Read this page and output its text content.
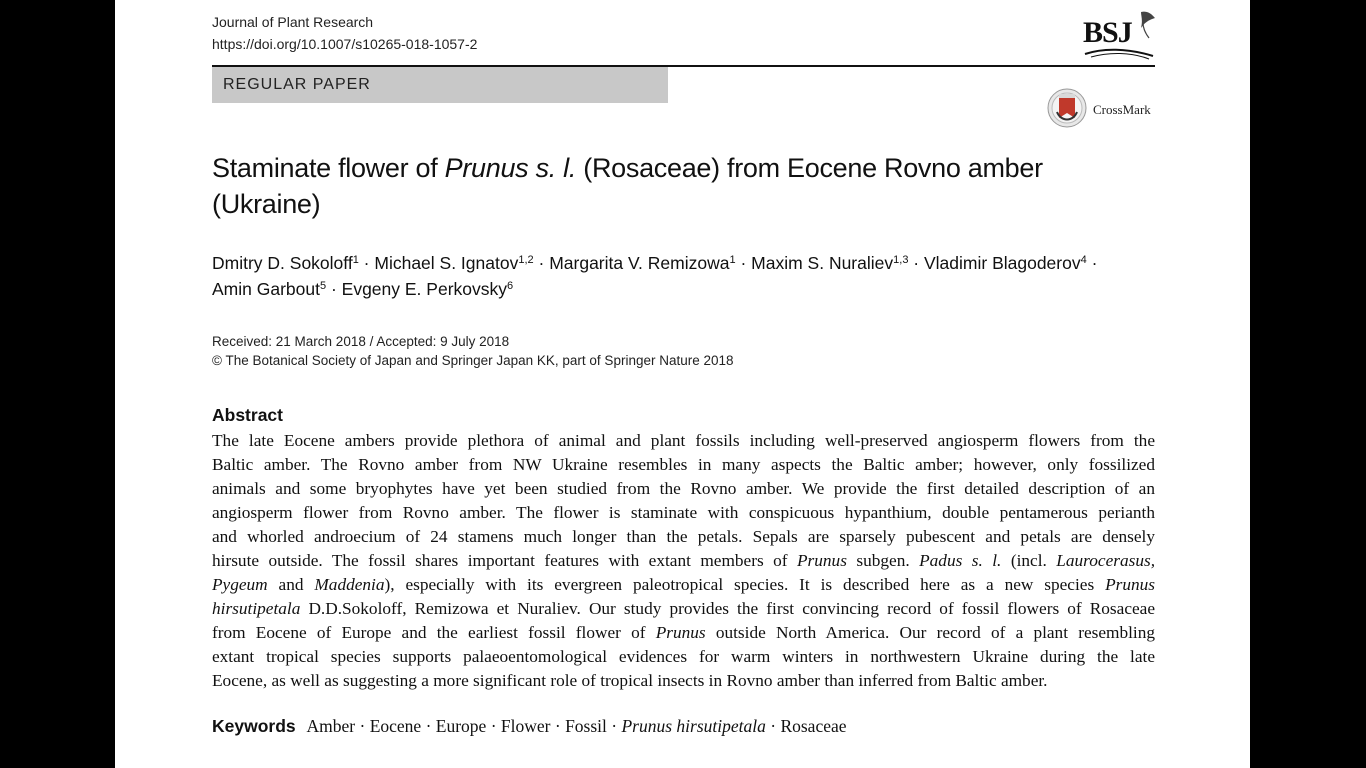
Journal of Plant Research
https://doi.org/10.1007/s10265-018-1057-2	BSJ
REGULAR PAPER
CrossMark
Staminate flower of Prunus s. l. (Rosaceae) from Eocene Rovno amber (Ukraine)
Dmitry D. Sokoloff$^1$ · Michael S. Ignatov$^{1,2}$ · Margarita V. Remizowa$^1$ · Maxim S. Nuraliev$^{1,3}$ · Vladimir Blagoderov$^4$ ·
Amin Garbout$^5$ · Evgeny E. Perkovsky$^6$
Received: 21 March 2018 / Accepted: 9 July 2018
© The Botanical Society of Japan and Springer Japan KK, part of Springer Nature 2018
Abstract
The late Eocene ambers provide plethora of animal and plant fossils including well-preserved angiosperm flowers from the
Baltic amber. The Rovno amber from NW Ukraine resembles in many aspects the Baltic amber; however, only fossilized
animals and some bryophytes have yet been studied from the Rovno amber. We provide the first detailed description of an
angiosperm flower from Rovno amber. The flower is staminate with conspicuous hypanthium, double pentamerous perianth
and whorled androecium of 24 stamens much longer than the petals. Sepals are sparsely pubescent and petals are densely
hirsute outside. The fossil shares important features with extant members of Prunus subgen. Padus s. l. (incl. Laurocerasus,
Pygeum and Maddenia), especially with its evergreen paleotropical species. It is described here as a new species Prunus
hirsutipetala D.D.Sokoloff, Remizowa et Nuraliev. Our study provides the first convincing record of fossil flowers of Rosaceae
from Eocene of Europe and the earliest fossil flower of Prunus outside North America. Our record of a plant resembling
extant tropical species supports palaeoentomological evidences for warm winters in northwestern Ukraine during the late
Eocene, as well as suggesting a more significant role of tropical insects in Rovno amber than inferred from Baltic amber.
Keywords Amber · Eocene · Europe · Flower · Fossil · Prunus hirsutipetala · Rosaceae
